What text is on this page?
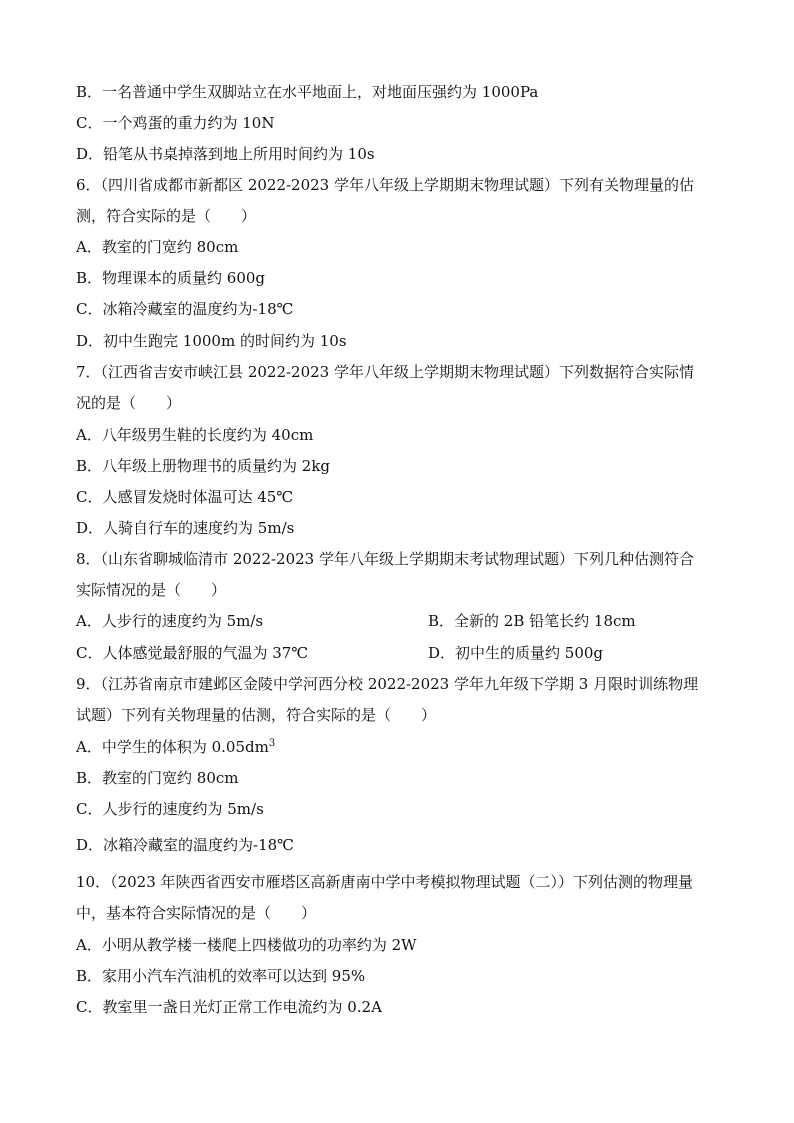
B．一名普通中学生双脚站立在水平地面上，对地面压强约为 1000Pa
C．一个鸡蛋的重力约为 10N
D．铅笔从书桌掉落到地上所用时间约为 10s
6．（四川省成都市新都区 2022-2023 学年八年级上学期期末物理试题）下列有关物理量的估
测，符合实际的是（　　）
A．教室的门宽约 80cm
B．物理课本的质量约 600g
C．冰箱冷藏室的温度约为-18℃
D．初中生跑完 1000m 的时间约为 10s
7．（江西省吉安市峡江县 2022-2023 学年八年级上学期期末物理试题）下列数据符合实际情
况的是（　　）
A．八年级男生鞋的长度约为 40cm
B．八年级上册物理书的质量约为 2kg
C．人感冒发烧时体温可达 45℃
D．人骑自行车的速度约为 5m/s
8．（山东省聊城临清市 2022-2023 学年八年级上学期期末考试物理试题）下列几种估测符合
实际情况的是（　　）
A．人步行的速度约为 5m/s	B．全新的 2B 铅笔长约 18cm
C．人体感觉最舒服的气温为 37℃	D．初中生的质量约 500g
9．（江苏省南京市建邺区金陵中学河西分校 2022-2023 学年九年级下学期 3 月限时训练物理
试题）下列有关物理量的估测，符合实际的是（　　）
A．中学生的体积为 $0.05dm^3$
B．教室的门宽约 80cm
C．人步行的速度约为 5m/s
D．冰箱冷藏室的温度约为-18℃
10．（2023 年陕西省西安市雁塔区高新唐南中学中考模拟物理试题（二））下列估测的物理量
中，基本符合实际情况的是（　　）
A．小明从教学楼一楼爬上四楼做功的功率约为 2W
B．家用小汽车汽油机的效率可以达到 95%
C．教室里一盏日光灯正常工作电流约为 0.2A
